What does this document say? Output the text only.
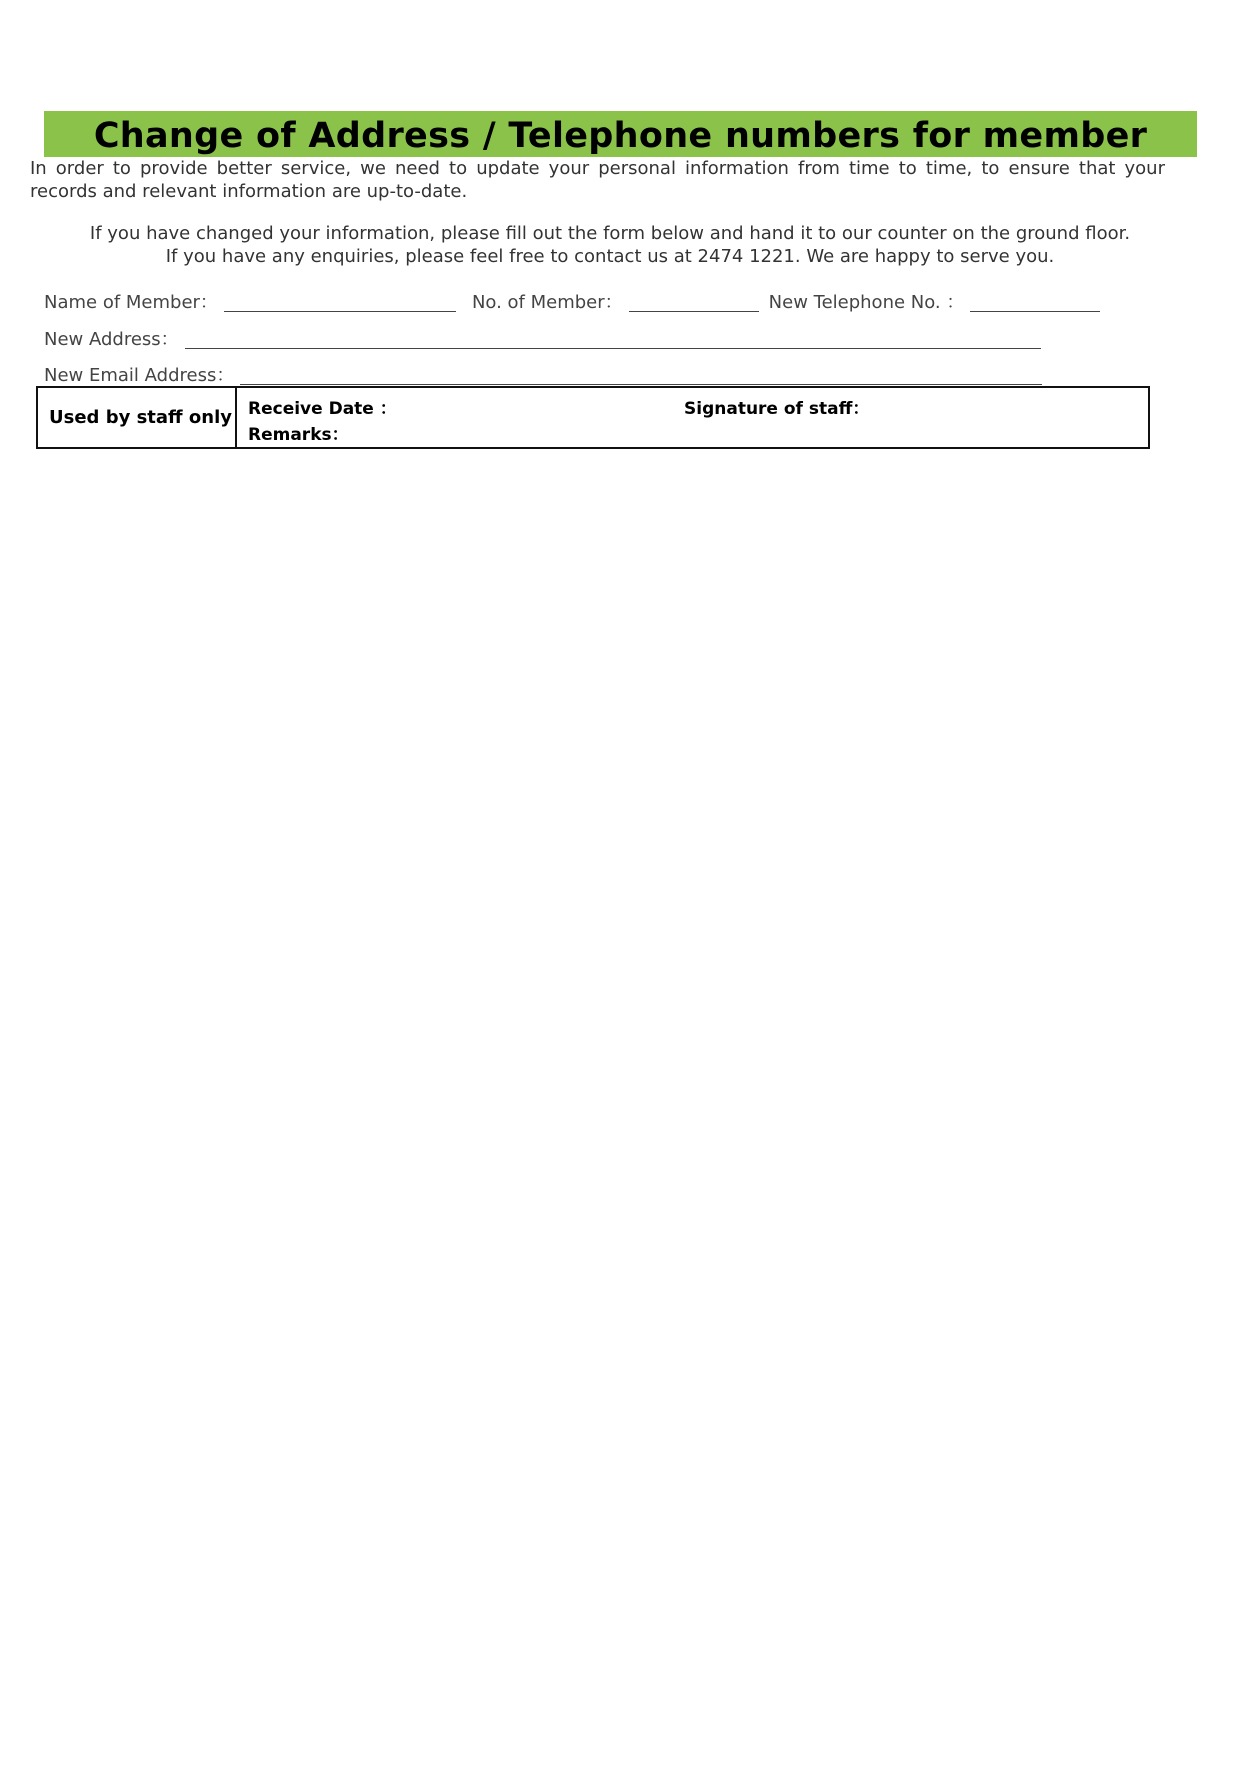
Change of Address / Telephone numbers for member

In order to provide better service, we need to update your personal information from time to time, to ensure that your records and relevant information are up-to-date.

If you have changed your information, please fill out the form below and hand it to our counter on the ground floor.
If you have any enquiries, please feel free to contact us at 2474 1221. We are happy to serve you.
Name of Member：	No. of Member：	New Telephone No. ：
New Address：
New Email Address：
Used by staff only Receive Date ：
Remarks：
Signature of staff：
